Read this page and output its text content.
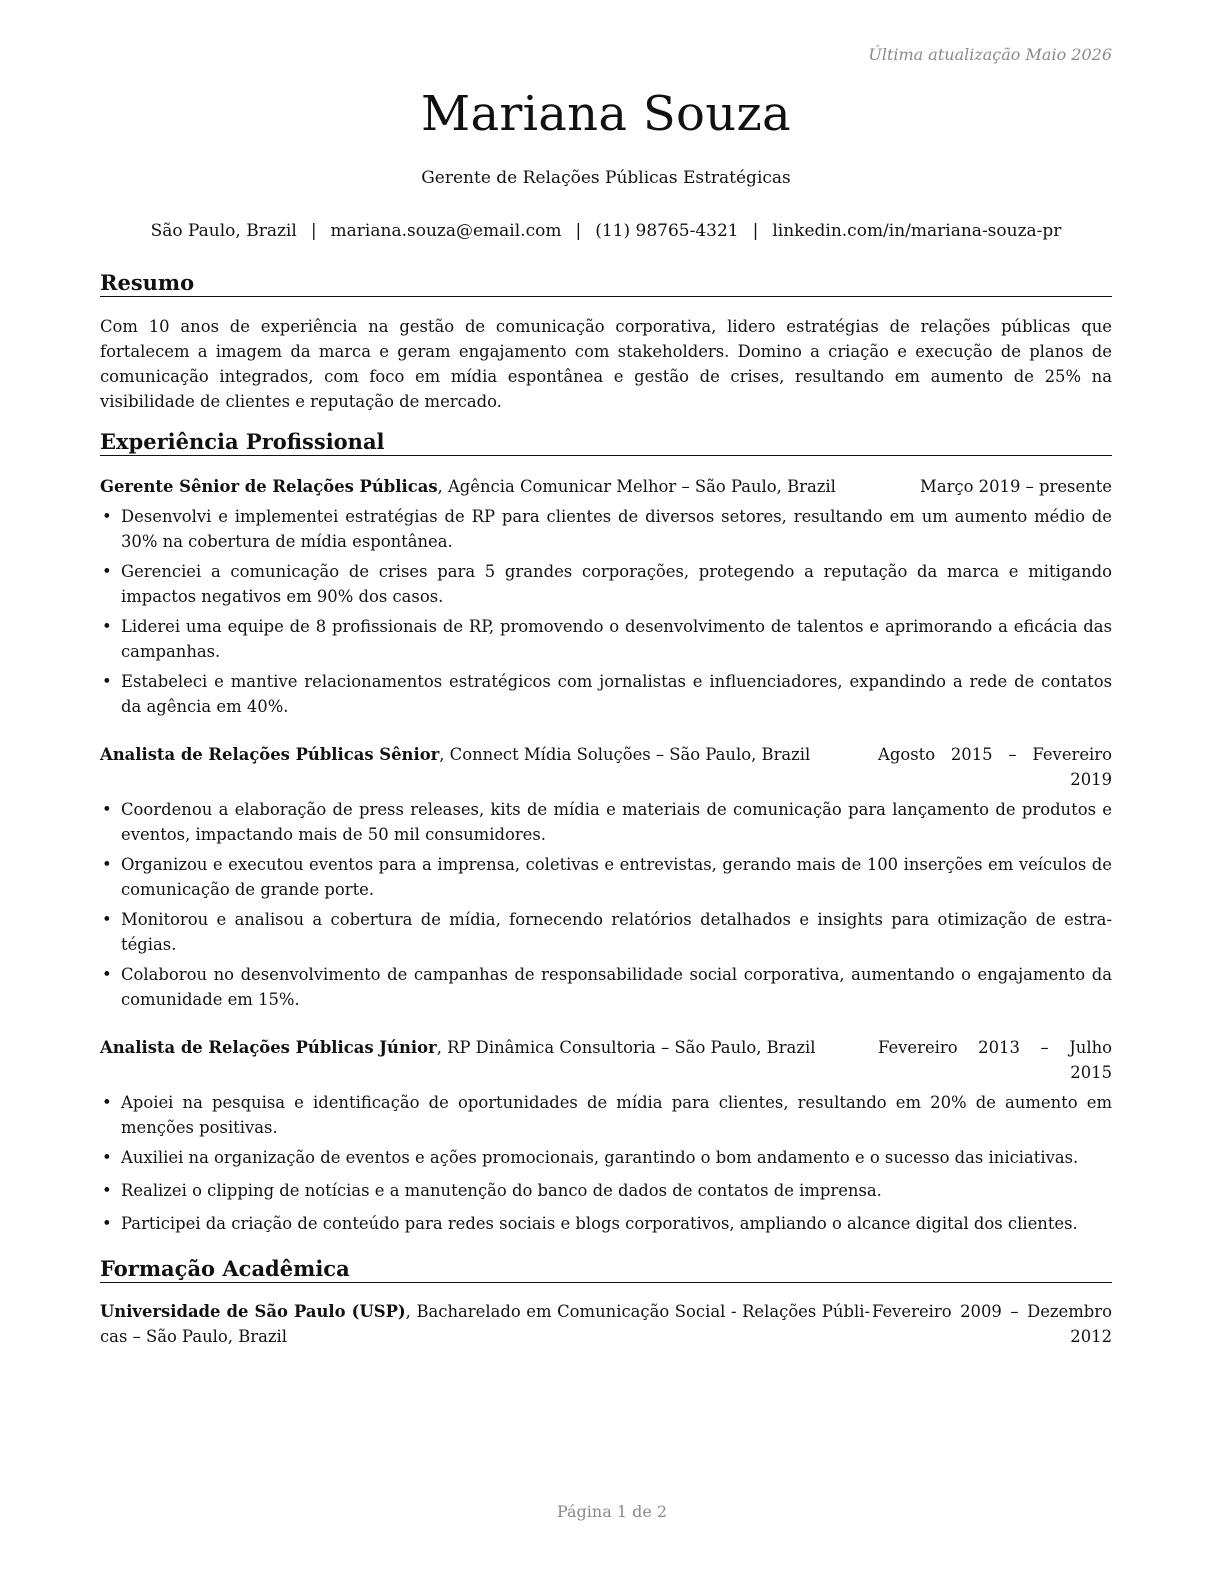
Última atualização Maio 2026
Mariana Souza
Gerente de Relações Públicas Estratégicas
São Paulo, Brazil | mariana.souza@email.com | (11) 98765-4321 | linkedin.com/in/mariana-souza-pr
Resumo
Com 10 anos de experiência na gestão de comunicação corporativa, lidero estratégias de relações públicas que fortalecem a imagem da marca e geram engajamento com stakeholders. Domino a criação e execução de planos de comunicação integrados, com foco em mídia espontânea e gestão de crises, resultando em aumento de 25% na visibilidade de clientes e reputação de mercado.
Experiência Profissional
Gerente Sênior de Relações Públicas, Agência Comunicar Melhor – São Paulo, Brazil	Março 2019 – presente
• Desenvolvi e implementei estratégias de RP para clientes de diversos setores, resultando em um aumento médio de 30% na cobertura de mídia espontânea.
• Gerenciei a comunicação de crises para 5 grandes corporações, protegendo a reputação da marca e mitigando impactos negativos em 90% dos casos.
• Liderei uma equipe de 8 profissionais de RP, promovendo o desenvolvimento de talentos e aprimorando a eficácia das campanhas.
• Estabeleci e mantive relacionamentos estratégicos com jornalistas e influenciadores, expandindo a rede de contatos da agência em 40%.
Analista de Relações Públicas Sênior, Connect Mídia Soluções – São Paulo, Brazil	Agosto 2015 – Fevereiro 2019
• Coordenou a elaboração de press releases, kits de mídia e materiais de comunicação para lançamento de produtos e eventos, impactando mais de 50 mil consumidores.
• Organizou e executou eventos para a imprensa, coletivas e entrevistas, gerando mais de 100 inserções em veículos de comunicação de grande porte.
• Monitorou e analisou a cobertura de mídia, fornecendo relatórios detalhados e insights para otimização de estra-tégias.
• Colaborou no desenvolvimento de campanhas de responsabilidade social corporativa, aumentando o engajamento da comunidade em 15%.
Analista de Relações Públicas Júnior, RP Dinâmica Consultoria – São Paulo, Brazil	Fevereiro 2013 – Julho 2015
• Apoiei na pesquisa e identificação de oportunidades de mídia para clientes, resultando em 20% de aumento em menções positivas.
• Auxiliei na organização de eventos e ações promocionais, garantindo o bom andamento e o sucesso das iniciativas.
• Realizei o clipping de notícias e a manutenção do banco de dados de contatos de imprensa.
• Participei da criação de conteúdo para redes sociais e blogs corporativos, ampliando o alcance digital dos clientes.
Formação Acadêmica
Universidade de São Paulo (USP), Bacharelado em Comunicação Social - Relações Públi-cas – São Paulo, Brazil
Fevereiro 2009 – Dezembro 2012
Página 1 de 2
